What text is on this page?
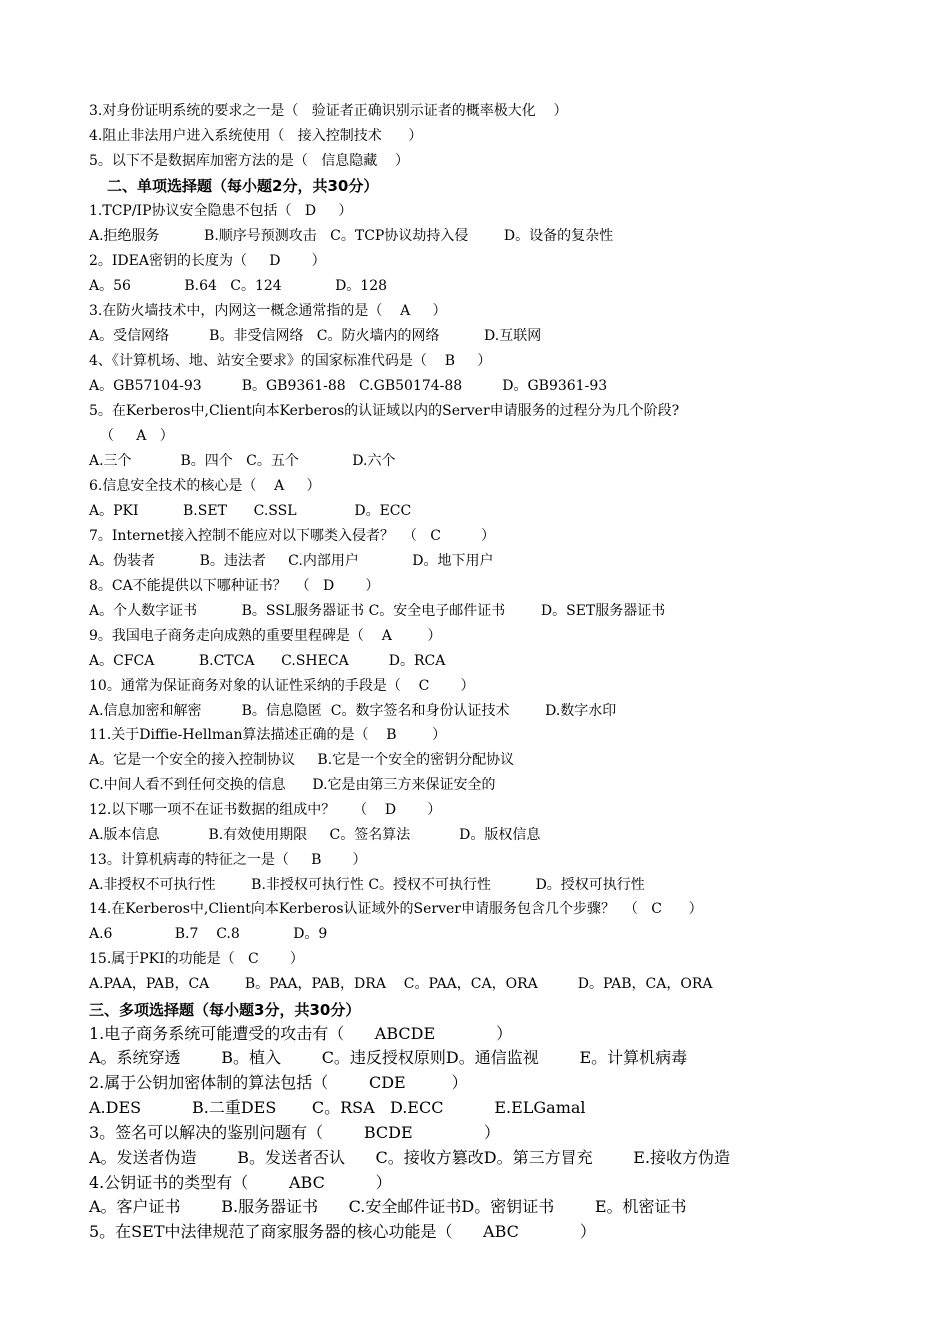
3.对身份证明系统的要求之一是（   验证者正确识别示证者的概率极大化    ）
4.阻止非法用户进入系统使用（   接入控制技术      ）
5。以下不是数据库加密方法的是（   信息隐藏    ）
二、单项选择题（每小题2分，共30分）
1.TCP/IP协议安全隐患不包括（   D     ）
A.拒绝服务          B.顺序号预测攻击   C。TCP协议劫持入侵        D。设备的复杂性
2。IDEA密钥的长度为（     D       ）
A。56            B.64   C。124            D。128
3.在防火墙技术中，内网这一概念通常指的是（    A     ）
A。受信网络         B。非受信网络   C。防火墙内的网络          D.互联网
4、《计算机场、地、站安全要求》的国家标准代码是（    B     ）
A。GB57104-93         B。GB9361-88   C.GB50174-88         D。GB9361-93
5。在Kerberos中,Client向本Kerberos的认证域以内的Server申请服务的过程分为几个阶段?
（     A   ）
A.三个           B。四个   C。五个            D.六个
6.信息安全技术的核心是（    A     ）
A。PKI          B.SET      C.SSL             D。ECC
7。Internet接入控制不能应对以下哪类入侵者？  （   C         ）
A。伪装者          B。违法者     C.内部用户            D。地下用户
8。CA不能提供以下哪种证书？  （   D       ）
A。个人数字证书          B。SSL服务器证书 C。安全电子邮件证书        D。SET服务器证书
9。我国电子商务走向成熟的重要里程碑是（    A        ）
A。CFCA          B.CTCA      C.SHECA         D。RCA
10。通常为保证商务对象的认证性采纳的手段是（    C       ）
A.信息加密和解密         B。信息隐匿  C。数字签名和身份认证技术        D.数字水印
11.关于Diffie-Hellman算法描述正确的是（    B        ）
A。它是一个安全的接入控制协议     B.它是一个安全的密钥分配协议
C.中间人看不到任何交换的信息      D.它是由第三方来保证安全的
12.以下哪一项不在证书数据的组成中？    （    D       ）
A.版本信息           B.有效使用期限     C。签名算法           D。版权信息
13。计算机病毒的特征之一是（     B       ）
A.非授权不可执行性        B.非授权可执行性 C。授权不可执行性          D。授权可执行性
14.在Kerberos中,Client向本Kerberos认证域外的Server申请服务包含几个步骤？  （   C      ）
A.6              B.7    C.8            D。9
15.属于PKI的功能是（   C       ）
A.PAA，PAB，CA        B。PAA，PAB，DRA    C。PAA，CA，ORA         D。PAB，CA，ORA
三、多项选择题（每小题3分，共30分）
1.电子商务系统可能遭受的攻击有（      ABCDE            ）
A。系统穿透        B。植入        C。违反授权原则D。通信监视        E。计算机病毒
2.属于公钥加密体制的算法包括（        CDE         ）
A.DES          B.二重DES       C。RSA   D.ECC          E.ELGamal
3。签名可以解决的鉴别问题有（        BCDE              ）
A。发送者伪造        B。发送者否认      C。接收方篡改D。第三方冒充        E.接收方伪造
4.公钥证书的类型有（        ABC          ）
A。客户证书        B.服务器证书      C.安全邮件证书D。密钥证书        E。机密证书
5。在SET中法律规范了商家服务器的核心功能是（      ABC            ）
